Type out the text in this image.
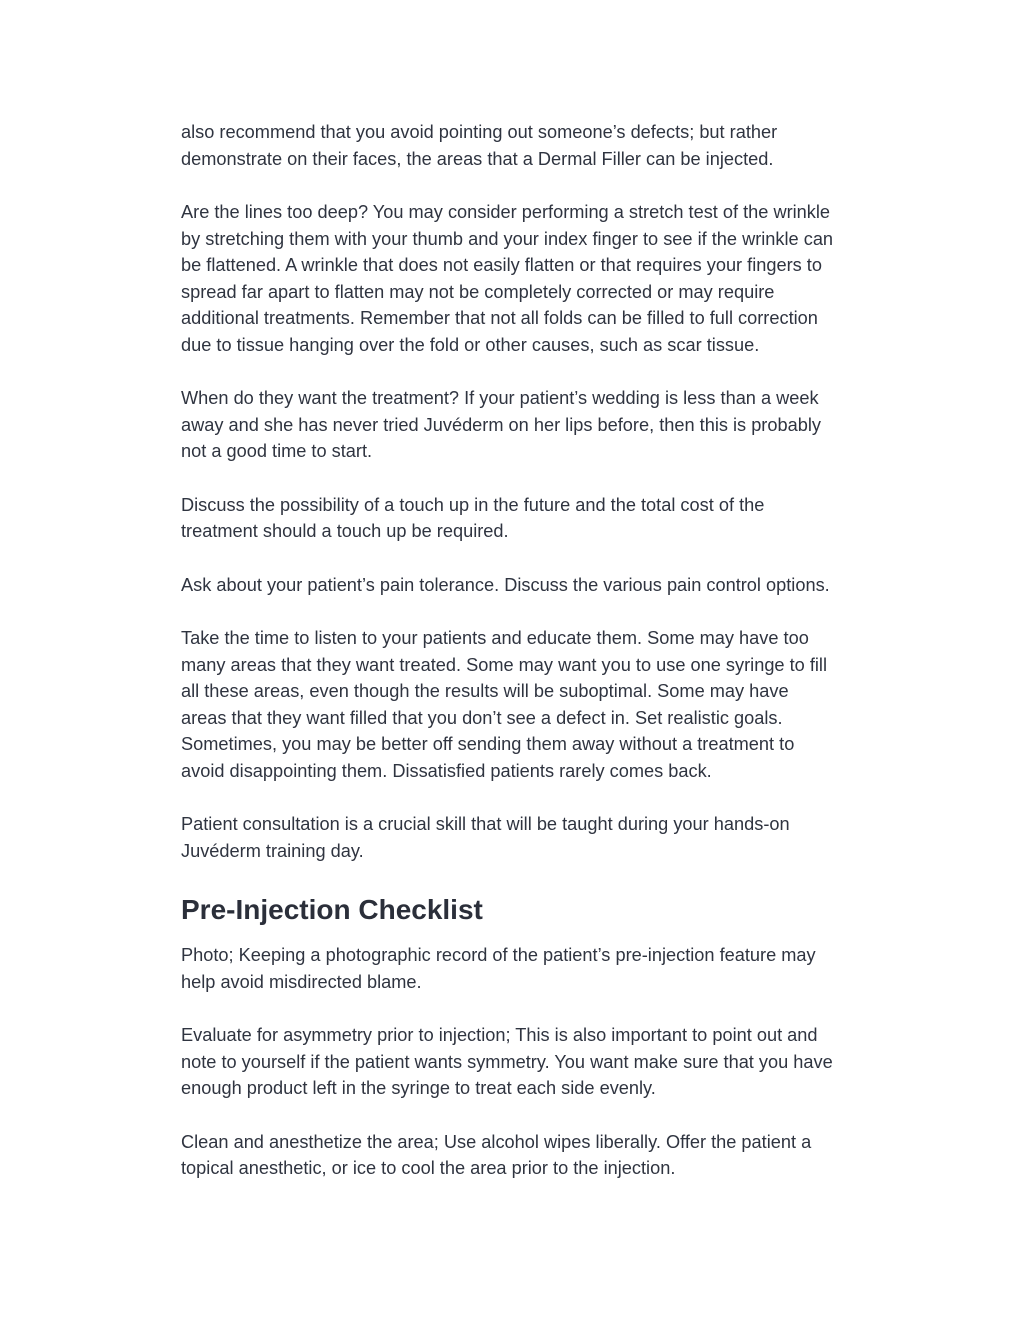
also recommend that you avoid pointing out someone’s defects; but rather
demonstrate on their faces, the areas that a Dermal Filler can be injected.

Are the lines too deep? You may consider performing a stretch test of the wrinkle
by stretching them with your thumb and your index finger to see if the wrinkle can
be flattened. A wrinkle that does not easily flatten or that requires your fingers to
spread far apart to flatten may not be completely corrected or may require
additional treatments. Remember that not all folds can be filled to full correction
due to tissue hanging over the fold or other causes, such as scar tissue.

When do they want the treatment? If your patient’s wedding is less than a week
away and she has never tried Juvéderm on her lips before, then this is probably
not a good time to start.

Discuss the possibility of a touch up in the future and the total cost of the
treatment should a touch up be required.

Ask about your patient’s pain tolerance. Discuss the various pain control options.

Take the time to listen to your patients and educate them. Some may have too
many areas that they want treated. Some may want you to use one syringe to fill
all these areas, even though the results will be suboptimal. Some may have
areas that they want filled that you don’t see a defect in. Set realistic goals.
Sometimes, you may be better off sending them away without a treatment to
avoid disappointing them. Dissatisfied patients rarely comes back.

Patient consultation is a crucial skill that will be taught during your hands-on
Juvéderm training day.

Pre-Injection Checklist

Photo; Keeping a photographic record of the patient’s pre-injection feature may
help avoid misdirected blame.

Evaluate for asymmetry prior to injection; This is also important to point out and
note to yourself if the patient wants symmetry. You want make sure that you have
enough product left in the syringe to treat each side evenly.

Clean and anesthetize the area; Use alcohol wipes liberally. Offer the patient a
topical anesthetic, or ice to cool the area prior to the injection.
